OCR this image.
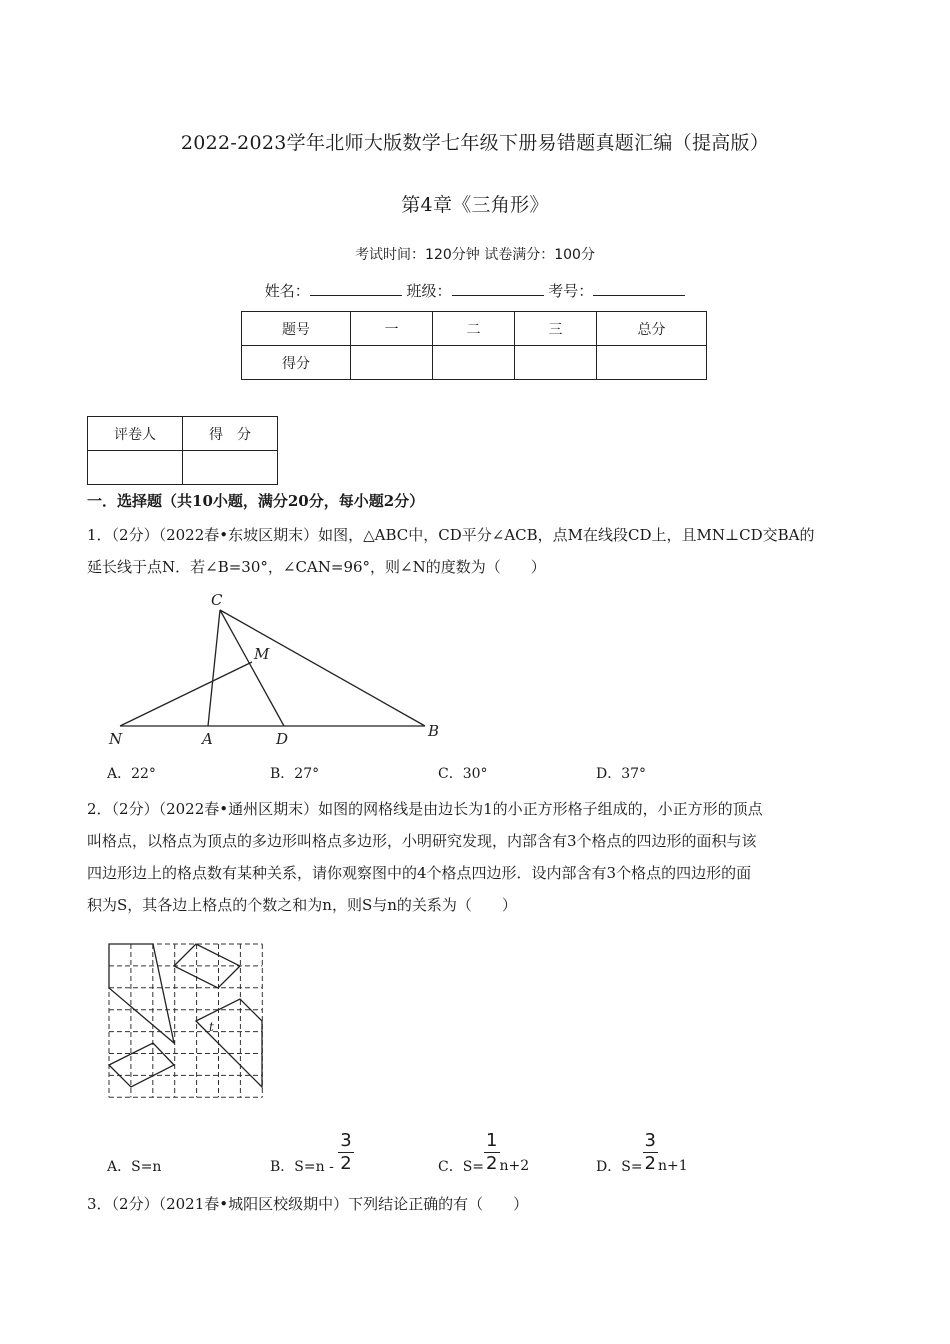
2022-2023学年北师大版数学七年级下册易错题真题汇编（提高版）
第4章《三角形》
考试时间：120分钟 试卷满分：100分
姓名：	班级：	考号：
题号	一	二	三	总分
得分				
评卷人	得　分

一．选择题（共10小题，满分20分，每小题2分）

1．（2分）（2022春•东坡区期末）如图，△ABC中，CD平分∠ACB，点M在线段CD上，且MN⊥CD交BA的

延长线于点N．若∠B=30°，∠CAN=96°，则∠N的度数为（　　）

C
M
N	A	D	B
A．22°	B．27°	C．30°	D．37°

2．（2分）（2022春•通州区期末）如图的网格线是由边长为1的小正方形格子组成的，小正方形的顶点

叫格点，以格点为顶点的多边形叫格点多边形，小明研究发现，内部含有3个格点的四边形的面积与该

四边形边上的格点数有某种关系，请你观察图中的4个格点四边形．设内部含有3个格点的四边形的面

积为S，其各边上格点的个数之和为n，则S与n的关系为（　　）

t
A．S=n	B．$S=n - \frac{3}{2}$	C．$S= \frac{1}{2} n+2$	D．$S= \frac{3}{2} n+1$

3．（2分）（2021春•城阳区校级期中）下列结论正确的有（　　）
